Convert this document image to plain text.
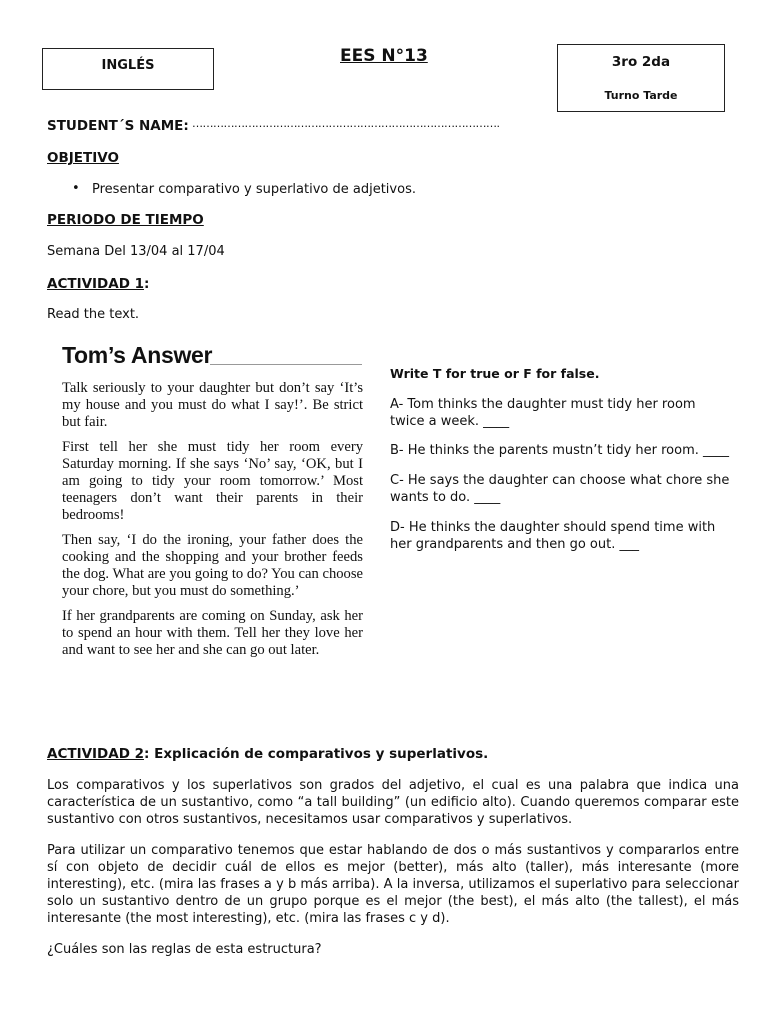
INGLÉS	EES N°13	3ro 2da
Turno Tarde
STUDENT´S NAME: …………………………………………………………………………….
OBJETIVO
• Presentar comparativo y superlativo de adjetivos.
PERIODO DE TIEMPO
Semana Del 13/04 al 17/04
ACTIVIDAD 1:
Read the text.
Tom’s Answer

Talk seriously to your daughter but don’t say ‘It’s my house and you must do what I say!’. Be strict but fair.

First tell her she must tidy her room every Saturday morning. If she says ‘No’ say, ‘OK, but I am going to tidy your room tomorrow.’ Most teenagers don’t want their parents in their bedrooms!

Then say, ‘I do the ironing, your father does the cooking and the shopping and your brother feeds the dog. What are you going to do? You can choose your chore, but you must do something.’

If her grandparents are coming on Sunday, ask her to spend an hour with them. Tell her they love her and want to see her and she can go out later.

Write T for true or F for false.
A- Tom thinks the daughter must tidy her room twice a week. ____
B- He thinks the parents mustn’t tidy her room. ____
C- He says the daughter can choose what chore she wants to do. ____
D- He thinks the daughter should spend time with her grandparents and then go out. ___
ACTIVIDAD 2: Explicación de comparativos y superlativos.
Los comparativos y los superlativos son grados del adjetivo, el cual es una palabra que indica una característica de un sustantivo, como “a tall building” (un edificio alto). Cuando queremos comparar este sustantivo con otros sustantivos, necesitamos usar comparativos y superlativos.
Para utilizar un comparativo tenemos que estar hablando de dos o más sustantivos y compararlos entre sí con objeto de decidir cuál de ellos es mejor (better), más alto (taller), más interesante (more interesting), etc. (mira las frases a y b más arriba). A la inversa, utilizamos el superlativo para seleccionar solo un sustantivo dentro de un grupo porque es el mejor (the best), el más alto (the tallest), el más interesante (the most interesting), etc. (mira las frases c y d).
¿Cuáles son las reglas de esta estructura?
